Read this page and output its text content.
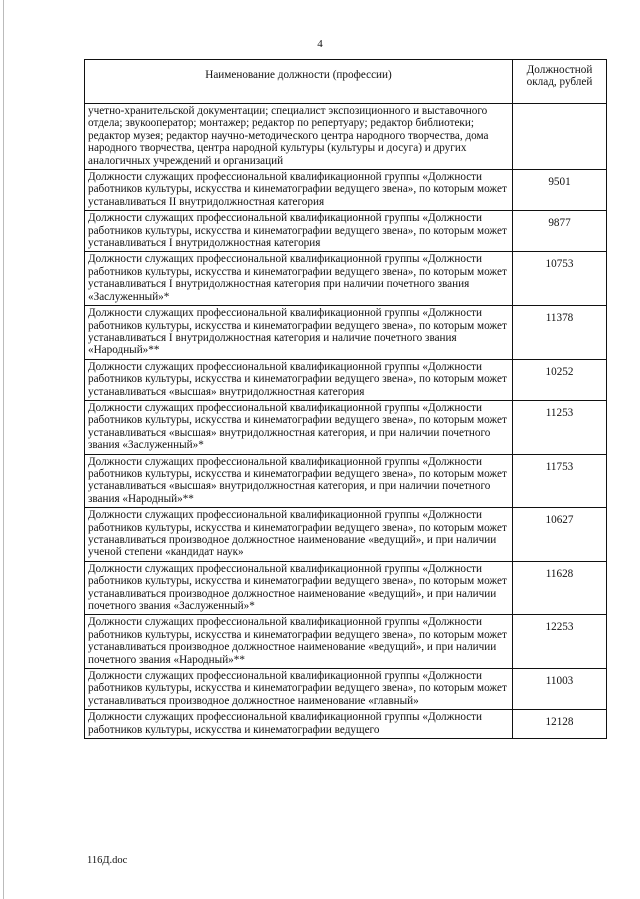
4
Наименование должности (профессии)	Должностной оклад, рублей
учетно-хранительской документации; специалист экспозиционного и выставочного отдела; звукооператор; монтажер; редактор по репертуару; редактор библиотеки; редактор музея; редактор научно-методического центра народного творчества, дома народного творчества, центра народной культуры (культуры и досуга) и других аналогичных учреждений и организаций	
Должности служащих профессиональной квалификационной группы «Должности работников культуры, искусства и кинематографии ведущего звена», по которым может устанавливаться II внутридолжностная категория	9501
Должности служащих профессиональной квалификационной группы «Должности работников культуры, искусства и кинематографии ведущего звена», по которым может устанавливаться I внутридолжностная категория	9877
Должности служащих профессиональной квалификационной группы «Должности работников культуры, искусства и кинематографии ведущего звена», по которым может устанавливаться I внутридолжностная категория при наличии почетного звания «Заслуженный»*	10753
Должности служащих профессиональной квалификационной группы «Должности работников культуры, искусства и кинематографии ведущего звена», по которым может устанавливаться I внутридолжностная категория и наличие почетного звания «Народный»**	11378
Должности служащих профессиональной квалификационной группы «Должности работников культуры, искусства и кинематографии ведущего звена», по которым может устанавливаться «высшая» внутридолжностная категория	10252
Должности служащих профессиональной квалификационной группы «Должности работников культуры, искусства и кинематографии ведущего звена», по которым может устанавливаться «высшая» внутридолжностная категория, и при наличии почетного звания «Заслуженный»*	11253
Должности служащих профессиональной квалификационной группы «Должности работников культуры, искусства и кинематографии ведущего звена», по которым может устанавливаться «высшая» внутридолжностная категория, и при наличии почетного звания «Народный»**	11753
Должности служащих профессиональной квалификационной группы «Должности работников культуры, искусства и кинематографии ведущего звена», по которым может устанавливаться производное должностное наименование «ведущий», и при наличии ученой степени «кандидат наук»	10627
Должности служащих профессиональной квалификационной группы «Должности работников культуры, искусства и кинематографии ведущего звена», по которым может устанавливаться производное должностное наименование «ведущий», и при наличии почетного звания «Заслуженный»*	11628
Должности служащих профессиональной квалификационной группы «Должности работников культуры, искусства и кинематографии ведущего звена», по которым может устанавливаться производное должностное наименование «ведущий», и при наличии почетного звания «Народный»**	12253
Должности служащих профессиональной квалификационной группы «Должности работников культуры, искусства и кинематографии ведущего звена», по которым может устанавливаться производное должностное наименование «главный»	11003
Должности служащих профессиональной квалификационной группы «Должности работников культуры, искусства и кинематографии ведущего	12128
116Д.doc
